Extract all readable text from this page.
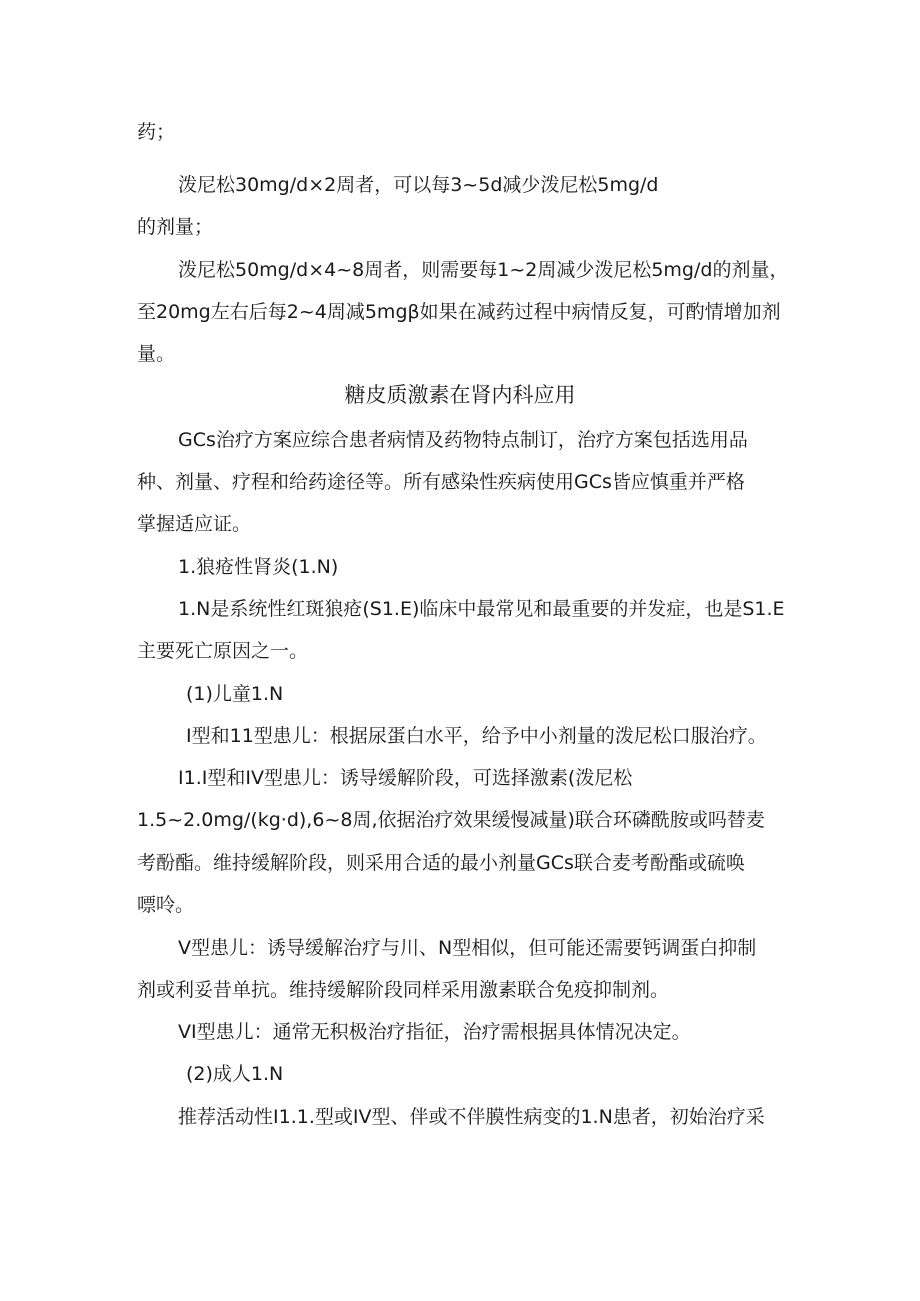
药；
泼尼松30mg/d×2周者，可以每3~5d减少泼尼松5mg/d
的剂量；
泼尼松50mg/d×4~8周者，则需要每1~2周减少泼尼松5mg/d的剂量，
至20mg左右后每2~4周减5mgβ如果在减药过程中病情反复，可酌情增加剂
量。
糖皮质激素在肾内科应用
GCs治疗方案应综合患者病情及药物特点制订，治疗方案包括选用品
种、剂量、疗程和给药途径等。所有感染性疾病使用GCs皆应慎重并严格
掌握适应证。
1.狼疮性肾炎(1.N)
1.N是系统性红斑狼疮(S1.E)临床中最常见和最重要的并发症，也是S1.E
主要死亡原因之一。
(1)儿童1.N
I型和11型患儿：根据尿蛋白水平，给予中小剂量的泼尼松口服治疗。
I1.I型和IV型患儿：诱导缓解阶段，可选择激素(泼尼松
1.5~2.0mg/(kg·d),6~8周,依据治疗效果缓慢减量)联合环磷酰胺或吗替麦
考酚酯。维持缓解阶段，则采用合适的最小剂量GCs联合麦考酚酯或硫唤
嘌呤。
V型患儿：诱导缓解治疗与川、N型相似，但可能还需要钙调蛋白抑制
剂或利妥昔单抗。维持缓解阶段同样采用激素联合免疫抑制剂。
VI型患儿：通常无积极治疗指征，治疗需根据具体情况决定。
(2)成人1.N
推荐活动性I1.1.型或IV型、伴或不伴膜性病变的1.N患者，初始治疗采
